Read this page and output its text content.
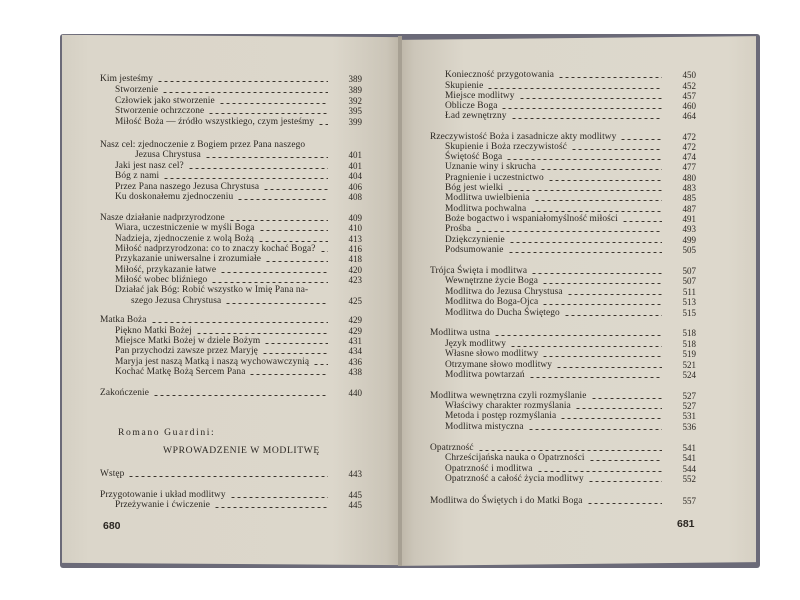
Kim jesteśmy	389
Stworzenie	389
Człowiek jako stworzenie	392
Stworzenie ochrzczone	395
Miłość Boża — źródło wszystkiego, czym jesteśmy	399
Nasz cel: zjednoczenie z Bogiem przez Pana naszego
Jezusa Chrystusa	401
Jaki jest nasz cel?	401
Bóg z nami	404
Przez Pana naszego Jezusa Chrystusa	406
Ku doskonałemu zjednoczeniu	408
Nasze działanie nadprzyrodzone	409
Wiara, uczestniczenie w myśli Boga	410
Nadzieja, zjednoczenie z wolą Bożą	413
Miłość nadprzyrodzona: co to znaczy kochać Boga?	416
Przykazanie uniwersalne i zrozumiałe	418
Miłość, przykazanie łatwe	420
Miłość wobec bliźniego	423
Działać jak Bóg: Robić wszystko w Imię Pana na-
szego Jezusa Chrystusa	425
Matka Boża	429
Piękno Matki Bożej	429
Miejsce Matki Bożej w dziele Bożym	431
Pan przychodzi zawsze przez Maryję	434
Maryja jest naszą Matką i naszą wychowawczynią	436
Kochać Matkę Bożą Sercem Pana	438
Zakończenie	440
Wstęp	443
Przygotowanie i układ modlitwy	445
Przeżywanie i ćwiczenie	445
Konieczność przygotowania	450
Skupienie	452
Miejsce modlitwy	457
Oblicze Boga	460
Ład zewnętrzny	464
Rzeczywistość Boża i zasadnicze akty modlitwy	472
Skupienie i Boża rzeczywistość	472
Świętość Boga	474
Uznanie winy i skrucha	477
Pragnienie i uczestnictwo	480
Bóg jest wielki	483
Modlitwa uwielbienia	485
Modlitwa pochwalna	487
Boże bogactwo i wspaniałomyślność miłości	491
Prośba	493
Dziękczynienie	499
Podsumowanie	505
Trójca Święta i modlitwa	507
Wewnętrzne życie Boga	507
Modlitwa do Jezusa Chrystusa	511
Modlitwa do Boga-Ojca	513
Modlitwa do Ducha Świętego	515
Modlitwa ustna	518
Język modlitwy	518
Własne słowo modlitwy	519
Otrzymane słowo modlitwy	521
Modlitwa powtarzań	524
Modlitwa wewnętrzna czyli rozmyślanie	527
Właściwy charakter rozmyślania	527
Metoda i postęp rozmyślania	531
Modlitwa mistyczna	536
Opatrzność	541
Chrześcijańska nauka o Opatrzności	541
Opatrzność i modlitwa	544
Opatrzność a całość życia modlitwy	552
Modlitwa do Świętych i do Matki Boga	557
Romano Guardini:
WPROWADZENIE W MODLITWĘ
680	681
